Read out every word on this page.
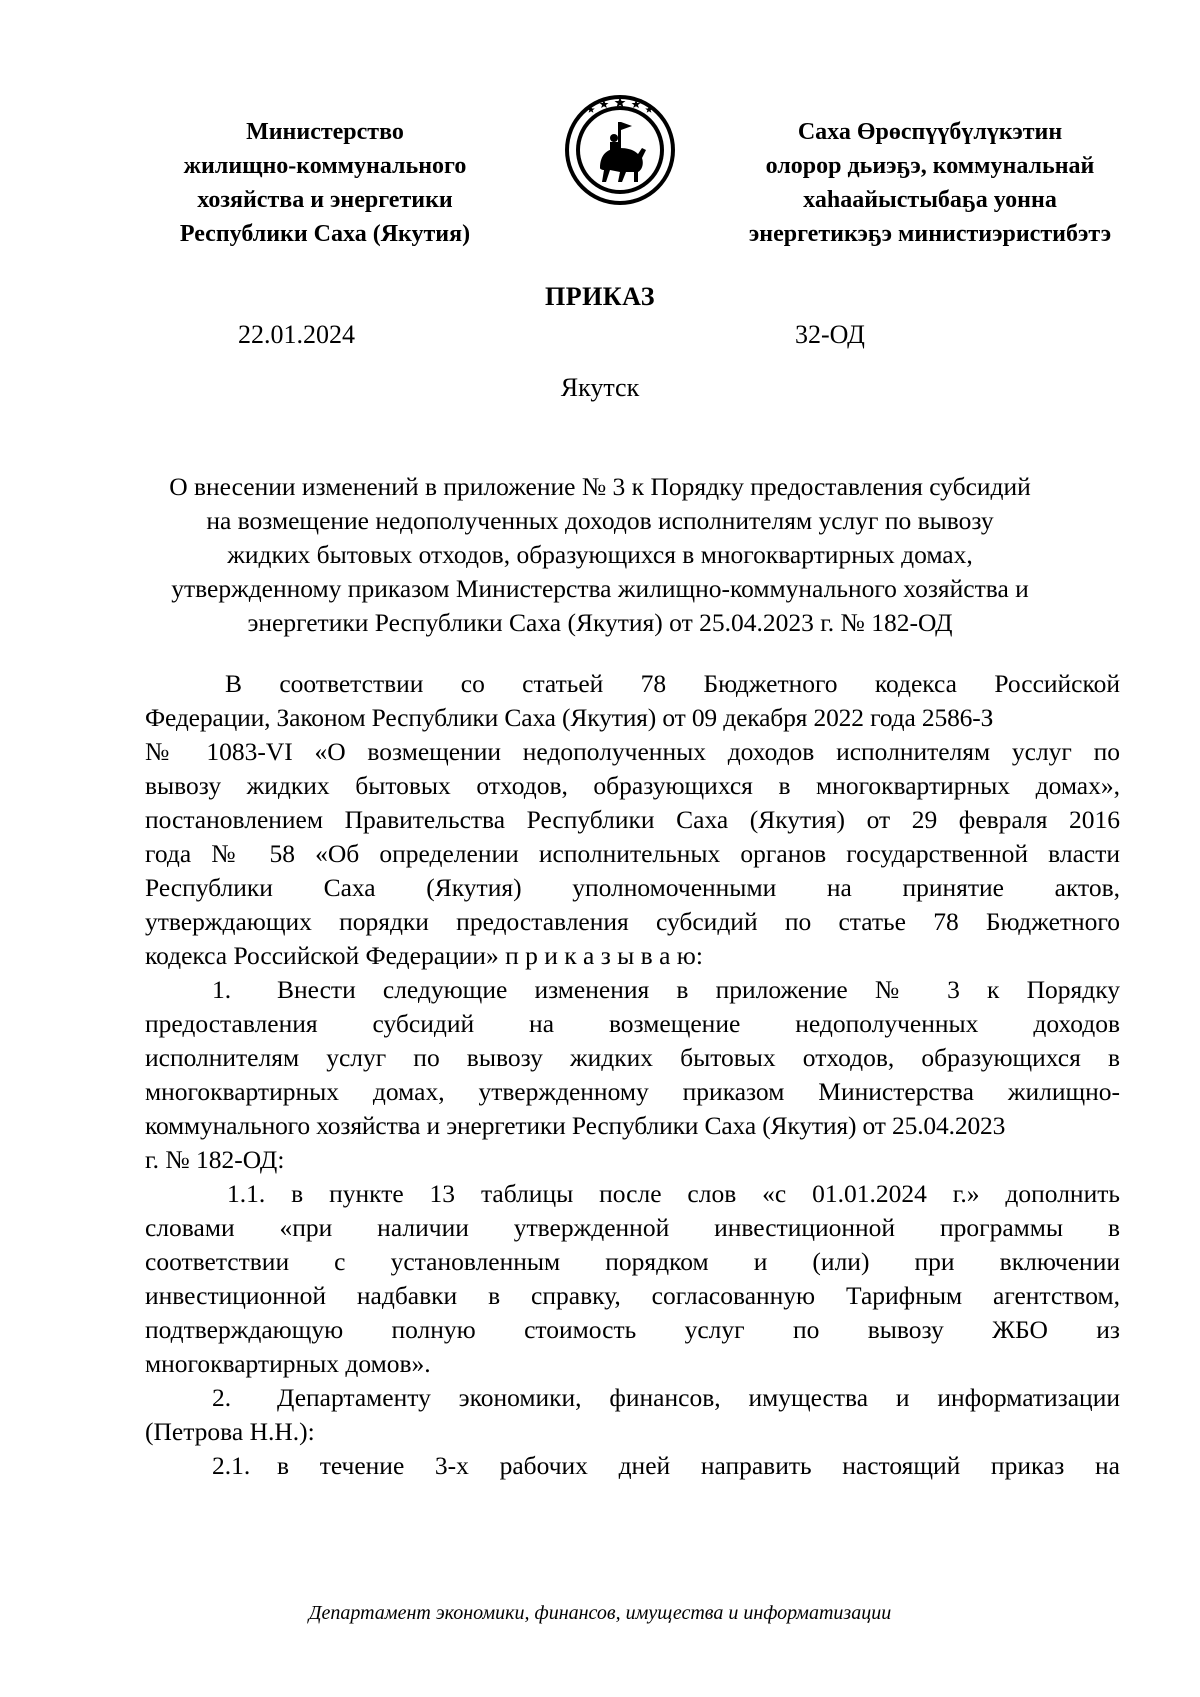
Министерство
жилищно-коммунального
хозяйства и энергетики
Республики Саха (Якутия)
ꟷꟷꟷ
Саха Өрөспүүбүлүкэтин
олорор дьиэҕэ, коммунальнай
хаһаайыстыбаҕа уонна
энергетикэҕэ министиэристибэтэ
ПРИКАЗ
22.01.2024	32-ОД
Якутск
О внесении изменений в приложение № 3 к Порядку предоставления субсидий
на возмещение недополученных доходов исполнителям услуг по вывозу
жидких бытовых отходов, образующихся в многоквартирных домах,
утвержденному приказом Министерства жилищно-коммунального хозяйства и
энергетики Республики Саха (Якутия) от 25.04.2023 г. № 182-ОД
В соответствии со статьей 78 Бюджетного кодекса Российской
Федерации, Законом Республики Саха (Якутия) от 09 декабря 2022 года 2586-З
№ 1083-VI «О возмещении недополученных доходов исполнителям услуг по
вывозу жидких бытовых отходов, образующихся в многоквартирных домах»,
постановлением Правительства Республики Саха (Якутия) от 29 февраля 2016
года № 58 «Об определении исполнительных органов государственной власти
Республики Саха (Якутия) уполномоченными на принятие актов,
утверждающих порядки предоставления субсидий по статье 78 Бюджетного
кодекса Российской Федерации» п р и к а з ы в а ю:
1.	Внести следующие изменения в приложение № 3 к Порядку
предоставления субсидий на возмещение недополученных доходов
исполнителям услуг по вывозу жидких бытовых отходов, образующихся в
многоквартирных домах, утвержденному приказом Министерства жилищно-
коммунального хозяйства и энергетики Республики Саха (Якутия) от 25.04.2023
г. № 182-ОД:
1.1. в пункте 13 таблицы после слов «с 01.01.2024 г.» дополнить
словами «при наличии утвержденной инвестиционной программы в
соответствии с установленным порядком и (или) при включении
инвестиционной надбавки в справку, согласованную Тарифным агентством,
подтверждающую полную стоимость услуг по вывозу ЖБО из
многоквартирных домов».
2.	Департаменту экономики, финансов, имущества и информатизации
(Петрова Н.Н.):
2.1.	в течение 3-х рабочих дней направить настоящий приказ на
Департамент экономики, финансов, имущества и информатизации
